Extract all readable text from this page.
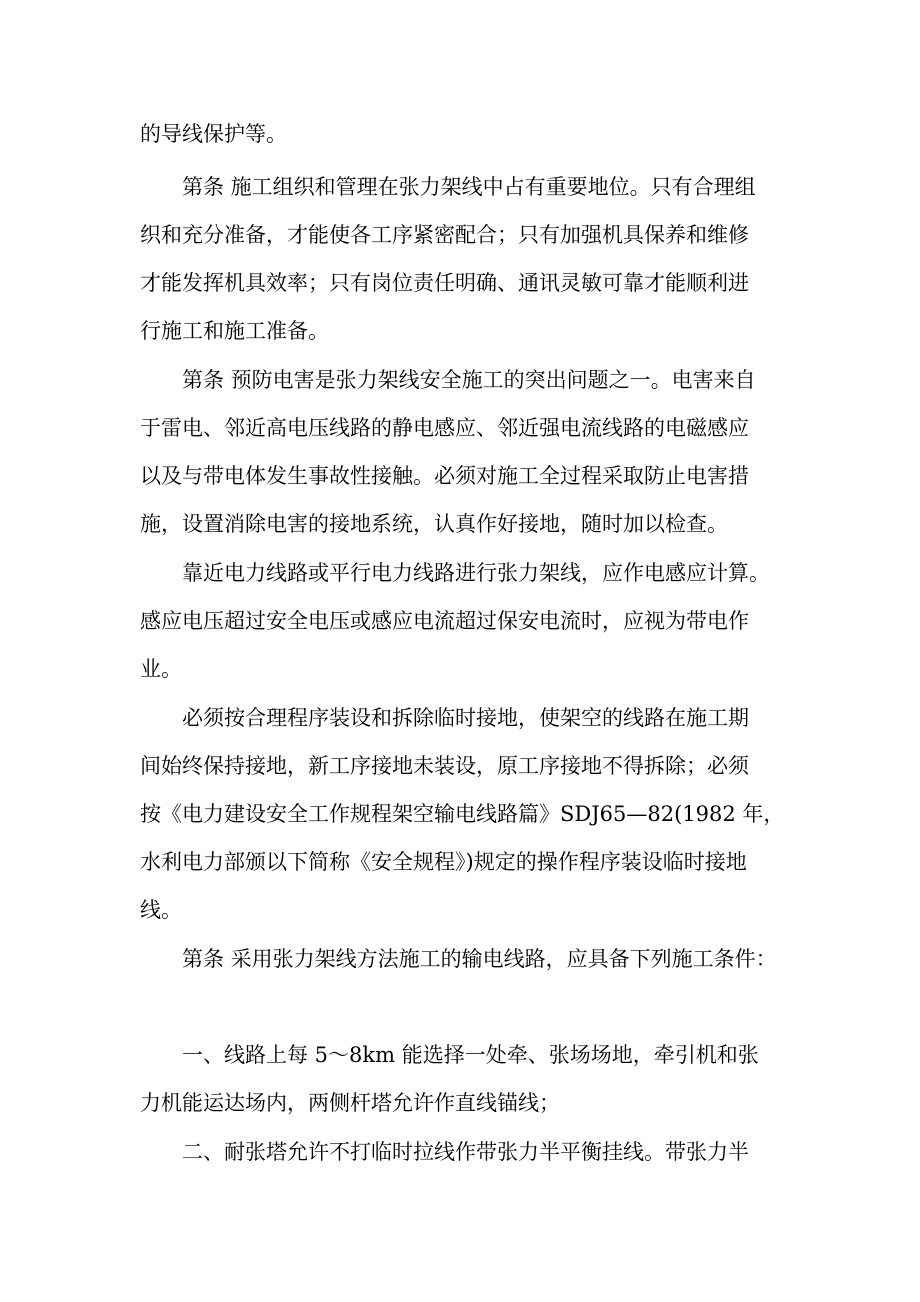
的导线保护等。
第条 施工组织和管理在张力架线中占有重要地位。只有合理组
织和充分准备，才能使各工序紧密配合；只有加强机具保养和维修
才能发挥机具效率；只有岗位责任明确、通讯灵敏可靠才能顺利进
行施工和施工准备。
第条 预防电害是张力架线安全施工的突出问题之一。电害来自
于雷电、邻近高电压线路的静电感应、邻近强电流线路的电磁感应
以及与带电体发生事故性接触。必须对施工全过程采取防止电害措
施，设置消除电害的接地系统，认真作好接地，随时加以检查。
靠近电力线路或平行电力线路进行张力架线，应作电感应计算。
感应电压超过安全电压或感应电流超过保安电流时，应视为带电作
业。
必须按合理程序装设和拆除临时接地，使架空的线路在施工期
间始终保持接地，新工序接地未装设，原工序接地不得拆除；必须
按《电力建设安全工作规程架空输电线路篇》SDJ65—82(1982 年，
水利电力部颁以下简称《安全规程》)规定的操作程序装设临时接地
线。
第条 采用张力架线方法施工的输电线路，应具备下列施工条件：
一、线路上每 5～8km 能选择一处牵、张场场地，牵引机和张
力机能运达场内，两侧杆塔允许作直线锚线；
二、耐张塔允许不打临时拉线作带张力半平衡挂线。带张力半
